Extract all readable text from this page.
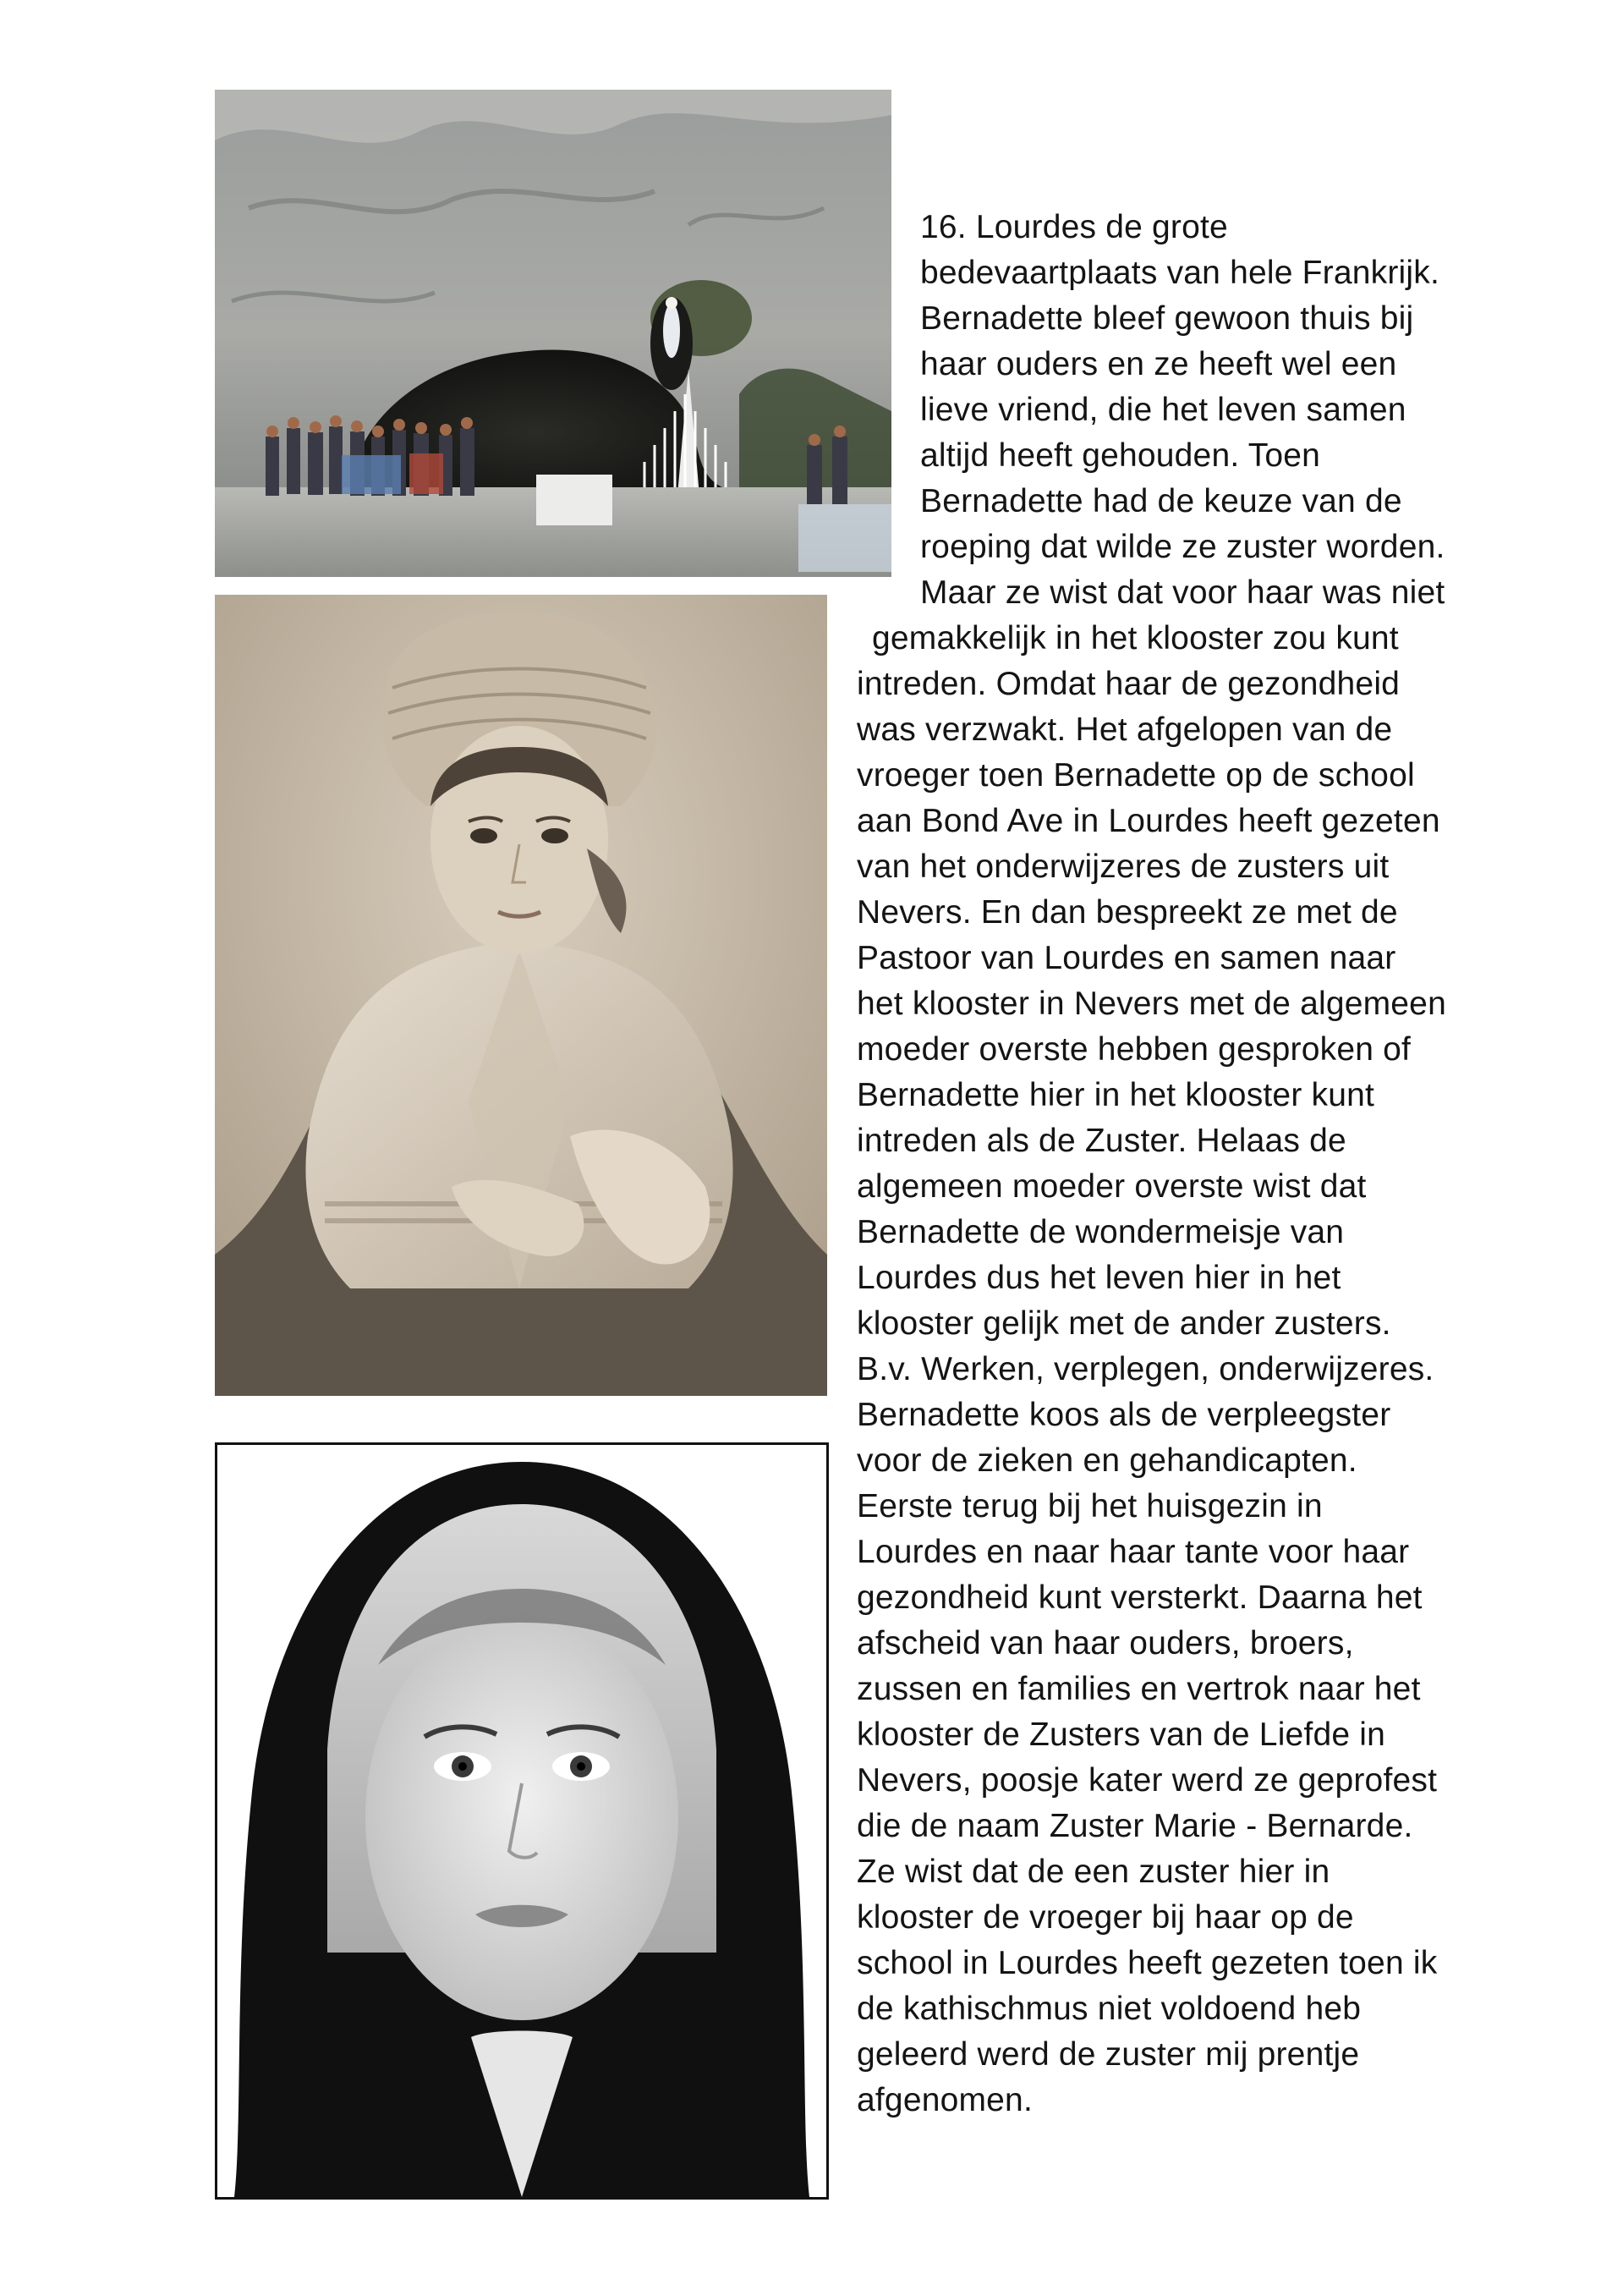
16. Lourdes de grote
bedevaartplaats van hele Frankrijk.
Bernadette bleef gewoon thuis bij
haar ouders en ze heeft wel een
lieve vriend, die het leven samen
altijd heeft gehouden. Toen
Bernadette had de keuze van de
roeping dat wilde ze zuster worden.
Maar ze wist dat voor haar was niet
gemakkelijk in het klooster zou kunt
intreden. Omdat haar de gezondheid
was verzwakt. Het afgelopen van de
vroeger toen Bernadette op de school
aan Bond Ave in Lourdes heeft gezeten
van het onderwijzeres de zusters uit
Nevers. En dan bespreekt ze met de
Pastoor van Lourdes en samen naar
het klooster in Nevers met de algemeen
moeder overste hebben gesproken of
Bernadette hier in het klooster kunt
intreden als de Zuster. Helaas de
algemeen moeder overste wist dat
Bernadette de wondermeisje van
Lourdes dus het leven hier in het
klooster gelijk met de ander zusters.
B.v. Werken, verplegen, onderwijzeres.
Bernadette koos als de verpleegster
voor de zieken en gehandicapten.
Eerste terug bij het huisgezin in
Lourdes en naar haar tante voor haar
gezondheid kunt versterkt. Daarna het
afscheid van haar ouders, broers,
zussen en families en vertrok naar het
klooster de Zusters van de Liefde in
Nevers, poosje kater werd ze geprofest
die de naam Zuster Marie - Bernarde.
Ze wist dat de een zuster hier in
klooster de vroeger bij haar op de
school in Lourdes heeft gezeten toen ik
de kathischmus niet voldoend heb
geleerd werd de zuster mij prentje
afgenomen.
